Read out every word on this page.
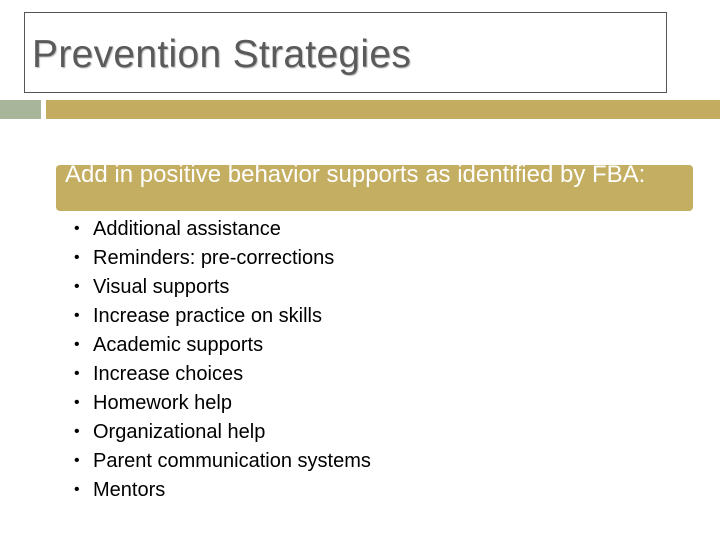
Prevention Strategies
Add in positive behavior supports as identified by FBA:
• Additional assistance
• Reminders: pre-corrections
• Visual supports
• Increase practice on skills
• Academic supports
• Increase choices
• Homework help
• Organizational help
• Parent communication systems
• Mentors
